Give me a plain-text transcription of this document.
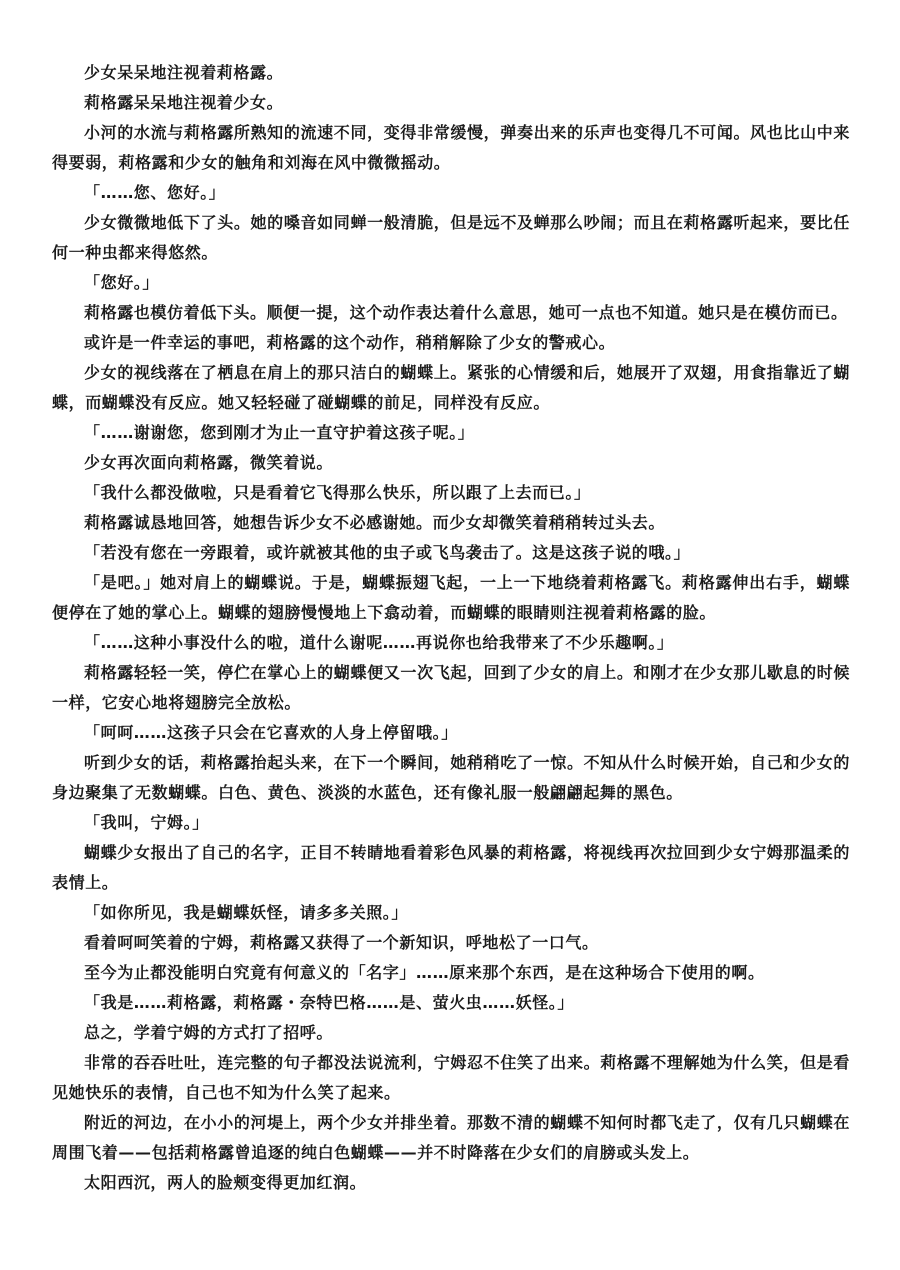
少女呆呆地注视着莉格露。

莉格露呆呆地注视着少女。

小河的水流与莉格露所熟知的流速不同，变得非常缓慢，弹奏出来的乐声也变得几不可闻。风也比山中来得要弱，莉格露和少女的触角和刘海在风中微微摇动。

「……您、您好。」

少女微微地低下了头。她的嗓音如同蝉一般清脆，但是远不及蝉那么吵闹；而且在莉格露听起来，要比任何一种虫都来得悠然。

「您好。」

莉格露也模仿着低下头。顺便一提，这个动作表达着什么意思，她可一点也不知道。她只是在模仿而已。

或许是一件幸运的事吧，莉格露的这个动作，稍稍解除了少女的警戒心。

少女的视线落在了栖息在肩上的那只洁白的蝴蝶上。紧张的心情缓和后，她展开了双翅，用食指靠近了蝴蝶，而蝴蝶没有反应。她又轻轻碰了碰蝴蝶的前足，同样没有反应。

「……谢谢您，您到刚才为止一直守护着这孩子呢。」

少女再次面向莉格露，微笑着说。

「我什么都没做啦，只是看着它飞得那么快乐，所以跟了上去而已。」

莉格露诚恳地回答，她想告诉少女不必感谢她。而少女却微笑着稍稍转过头去。

「若没有您在一旁跟着，或许就被其他的虫子或飞鸟袭击了。这是这孩子说的哦。」

「是吧。」她对肩上的蝴蝶说。于是，蝴蝶振翅飞起，一上一下地绕着莉格露飞。莉格露伸出右手，蝴蝶便停在了她的掌心上。蝴蝶的翅膀慢慢地上下翕动着，而蝴蝶的眼睛则注视着莉格露的脸。

「……这种小事没什么的啦，道什么谢呢……再说你也给我带来了不少乐趣啊。」

莉格露轻轻一笑，停伫在掌心上的蝴蝶便又一次飞起，回到了少女的肩上。和刚才在少女那儿歇息的时候一样，它安心地将翅膀完全放松。

「呵呵……这孩子只会在它喜欢的人身上停留哦。」

听到少女的话，莉格露抬起头来，在下一个瞬间，她稍稍吃了一惊。不知从什么时候开始，自己和少女的身边聚集了无数蝴蝶。白色、黄色、淡淡的水蓝色，还有像礼服一般翩翩起舞的黑色。

「我叫，宁姆。」

蝴蝶少女报出了自己的名字，正目不转睛地看着彩色风暴的莉格露，将视线再次拉回到少女宁姆那温柔的表情上。

「如你所见，我是蝴蝶妖怪，请多多关照。」

看着呵呵笑着的宁姆，莉格露又获得了一个新知识，呼地松了一口气。

至今为止都没能明白究竟有何意义的「名字」……原来那个东西，是在这种场合下使用的啊。

「我是……莉格露，莉格露・奈特巴格……是、萤火虫……妖怪。」

总之，学着宁姆的方式打了招呼。

非常的吞吞吐吐，连完整的句子都没法说流利，宁姆忍不住笑了出来。莉格露不理解她为什么笑，但是看见她快乐的表情，自己也不知为什么笑了起来。

附近的河边，在小小的河堤上，两个少女并排坐着。那数不清的蝴蝶不知何时都飞走了，仅有几只蝴蝶在周围飞着——包括莉格露曾追逐的纯白色蝴蝶——并不时降落在少女们的肩膀或头发上。

太阳西沉，两人的脸颊变得更加红润。
